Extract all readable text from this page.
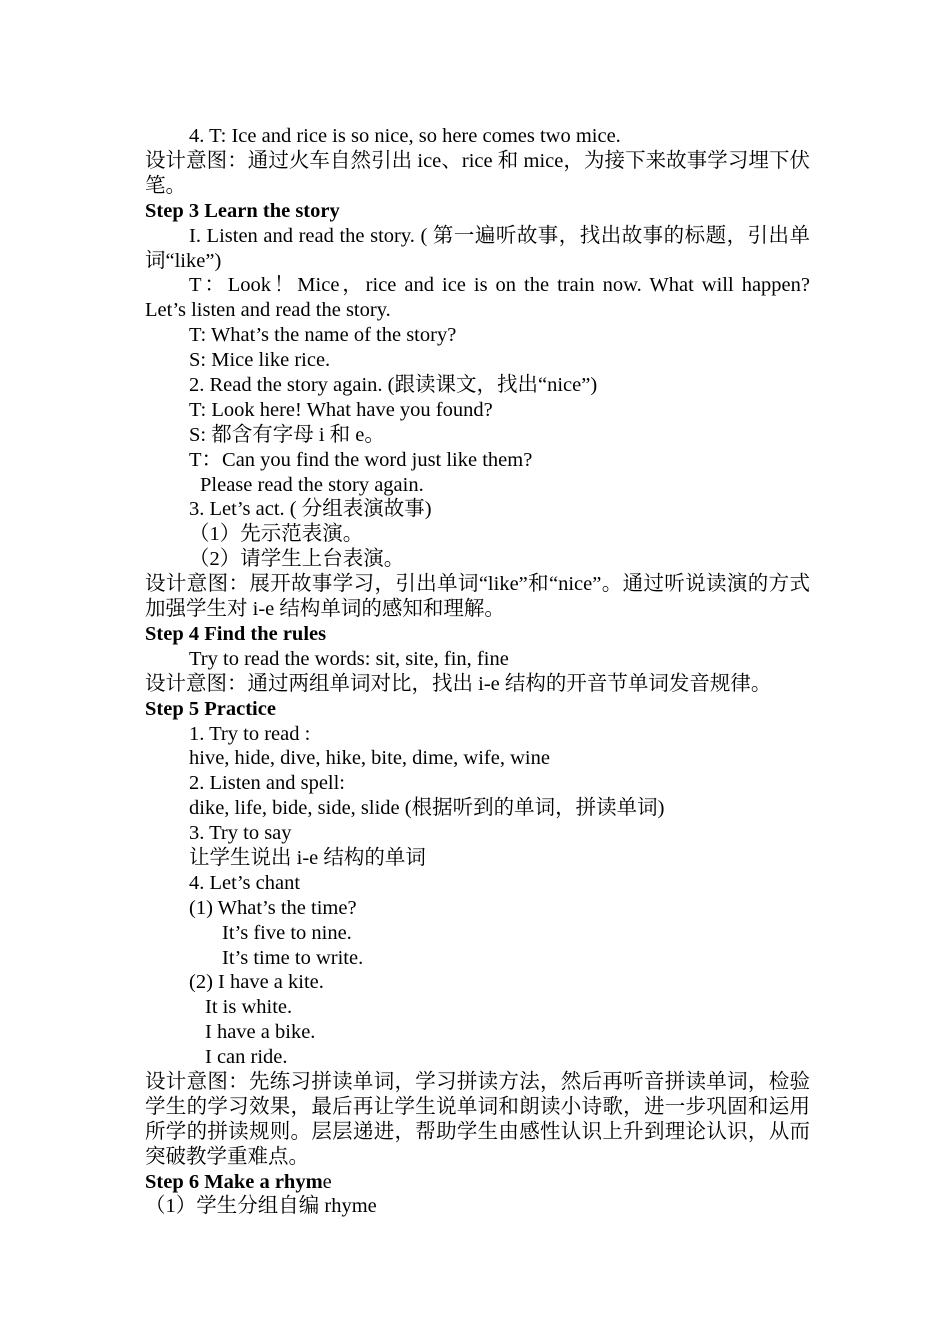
4. T: Ice and rice is so nice, so here comes two mice.
设计意图：通过火车自然引出 ice、rice 和 mice，为接下来故事学习埋下伏笔。
Step 3 Learn the story
I. Listen and read the story. ( 第一遍听故事，找出故事的标题，引出单词“like”)
T：Look！Mice，rice and ice is on the train now. What will happen? Let’s listen and read the story.
T: What’s the name of the story?
S: Mice like rice.
2. Read the story again. (跟读课文，找出“nice”)
T: Look here! What have you found?
S: 都含有字母 i 和 e。
T：Can you find the word just like them?
Please read the story again.
3. Let’s act. ( 分组表演故事)
（1）先示范表演。
（2）请学生上台表演。
设计意图：展开故事学习，引出单词“like”和“nice”。通过听说读演的方式加强学生对 i-e 结构单词的感知和理解。
Step 4 Find the rules
Try to read the words: sit, site, fin, fine
设计意图：通过两组单词对比，找出 i-e 结构的开音节单词发音规律。
Step 5 Practice
1. Try to read :
hive, hide, dive, hike, bite, dime, wife, wine
2. Listen and spell:
dike, life, bide, side, slide (根据听到的单词，拼读单词)
3. Try to say
让学生说出 i-e 结构的单词
4. Let’s chant
(1) What’s the time?
It’s five to nine.
It’s time to write.
(2) I have a kite.
It is white.
I have a bike.
I can ride.
设计意图：先练习拼读单词，学习拼读方法，然后再听音拼读单词，检验学生的学习效果，最后再让学生说单词和朗读小诗歌，进一步巩固和运用所学的拼读规则。层层递进，帮助学生由感性认识上升到理论认识，从而突破教学重难点。
Step 6 Make a rhyme
（1）学生分组自编 rhyme
